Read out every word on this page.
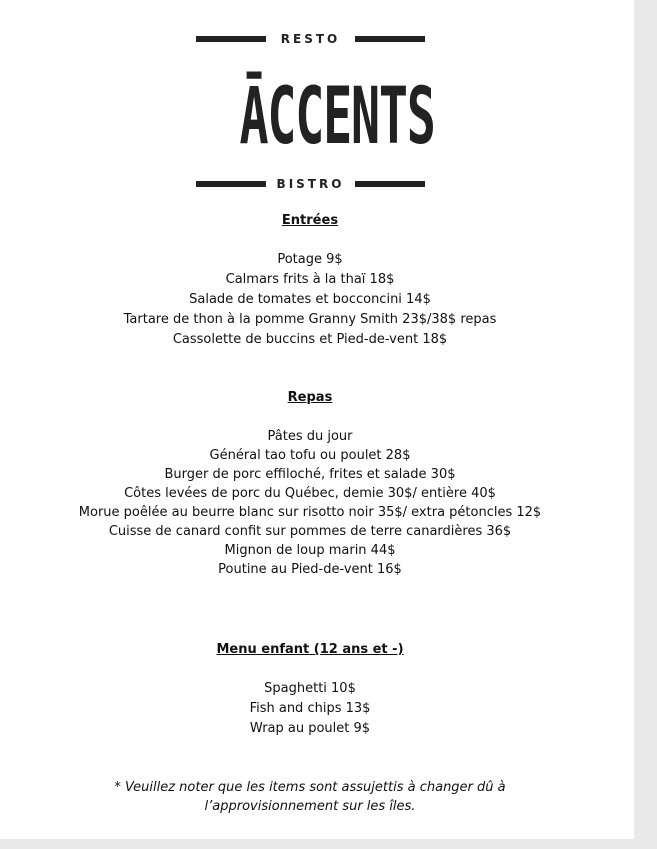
RESTO
ĀCCENTS
BISTRO
Entrées
Potage 9$
Calmars frits à la thaï 18$
Salade de tomates et bocconcini 14$
Tartare de thon à la pomme Granny Smith 23$/38$ repas
Cassolette de buccins et Pied-de-vent 18$
Repas
Pâtes du jour
Général tao tofu ou poulet 28$
Burger de porc effiloché, frites et salade 30$
Côtes levées de porc du Québec, demie 30$/ entière 40$
Morue poêlée au beurre blanc sur risotto noir 35$/ extra pétoncles 12$
Cuisse de canard confit sur pommes de terre canardières 36$
Mignon de loup marin 44$
Poutine au Pied-de-vent 16$
Menu enfant (12 ans et -)
Spaghetti 10$
Fish and chips 13$
Wrap au poulet 9$
* Veuillez noter que les items sont assujettis à changer dû à
l’approvisionnement sur les îles.
